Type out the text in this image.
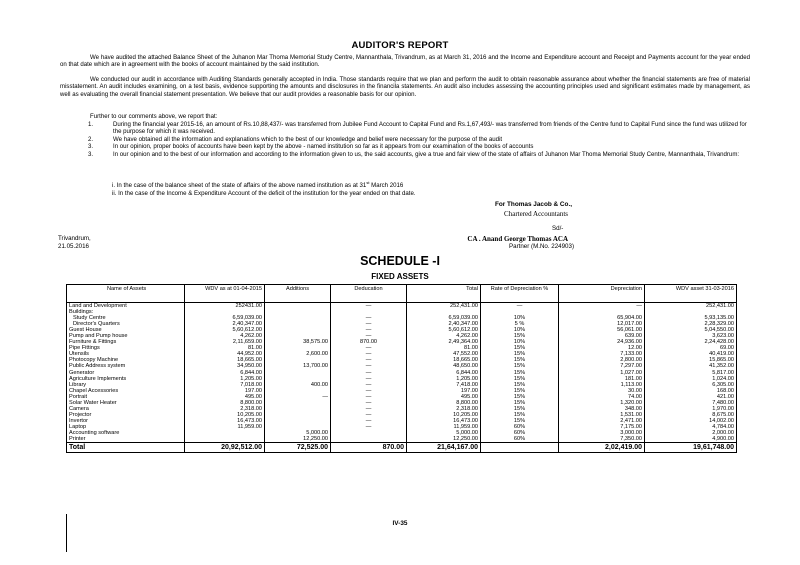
AUDITOR'S REPORT

We have audited the attached Balance Sheet of the Juhanon Mar Thoma Memorial Study Centre, Mannanthala, Trivandrum, as at March 31, 2016 and the Income and Expenditure account and Receipt and Payments account for the year ended on that date which are in agreement with the books of account maintained by the said institution.

We conducted our audit in accordance with Auditing Standards generally accepted in India. Those standards require that we plan and perform the audit to obtain reasonable assurance about whether the financial statements are free of material misstatement. An audit includes examining, on a test basis, evidence supporting the amounts and disclosures in the financila statements. An audit also includes assessing the accounting principles used and significant estimates made by management, as well as evaluating the overall financial statement presentation. We believe that our audit provides a reasonable basis for our opinion.

Further to our comments above, we report that:

1.	During the financial year 2015-16, an amount of Rs.10,88,437/- was transferred from Jubilee Fund Account to Capital Fund and Rs.1,67,493/- was transferred from friends of the Centre fund to Capital Fund since the fund was utilized for the purpose for which it was received.
2.	We have obtained all the information and explanations which to the best of our knowledge and belief were necessary for the purpose of the audit
3.	In our opinion, proper books of accounts have been kept by the above - named institution so far as it appears from our examination of the books of accounts
3.	In our opinion and to the best of our information and according to the information given to us, the said accounts, give a true and fair view of the state of affairs of Juhanon Mar Thoma Memorial Study Centre, Mannanthala, Trivandrum:
i. In the case of the balance sheet of the state of affairs of the above named institution as at 31st March 2016
ii. In the case of the Income & Expenditure Account of the deficit of the institution for the year ended on that date.
For Thomas Jacob & Co.,
Chartered Accountants
Sd/-
Trivandrum,	CA . Anand George Thomas ACA
21.05.2016	Partner (M.No. 224903)
SCHEDULE -I
FIXED ASSETS
Name of Assets	WDV as at 01-04-2015	Additions	Deducation	Total	Rate of Depreciation %	Depreciation	WDV asset 31-03-2016
Land and Development	252431.00		—	252,431.00	—	—	252,431.00
Buildings:							
Study Centre	6,59,039.00		—	6,59,039.00	10%	65,904.00	5,93,135.00
Director's Quarters	2,40,347.00		—	2,40,347.00	5 %	12,017.00	2,28,329.00
Guest House	5,60,612.00		—	5,60,612.00	10%	56,061.00	5,04,550.00
Pump and Pump house	4,262.00		—	4,262.00	15%	639.00	3,623.00
Furniture & Fittings	2,11,659.00	38,575.00	870.00	2,49,364.00	10%	24,936.00	2,24,428.00
Pipe Fittings	81.00		—	81.00	15%	12.00	69.00
Utensils	44,952.00	2,600.00	—	47,552.00	15%	7,133.00	40,419.00
Photocopy Machine	18,665.00		—	18,665.00	15%	2,800.00	15,865.00
Public Address system	34,950.00	13,700.00	—	48,650.00	15%	7,297.00	41,352.00
Generator	6,844.00		—	6,844.00	15%	1,027.00	5,817.00
Agriculture Implements	1,205.00		—	1,205.00	15%	181.00	1,024.00
Library	7,018.00	400.00	—	7,418.00	15%	1,113.00	6,305.00
Chapel Accessories	197.00		—	197.00	15%	30.00	168.00
Portrait	495.00	—	—	495.00	15%	74.00	421.00
Solar Water Heater	8,800.00		—	8,800.00	15%	1,320.00	7,480.00
Camera	2,318.00		—	2,318.00	15%	348.00	1,970.00
Projector	10,205.00		—	10,205.00	15%	1,531.00	8,675.00
Invertor	16,473.00		—	16,473.00	15%	2,471.00	14,002.00
Laptop	11,959.00		—	11,959.00	60%	7,175.00	4,784.00
Accounting software		5,000.00		5,000.00	60%	3,000.00	2,000.00
Printer		12,250.00		12,250.00	60%	7,350.00	4,900.00
Total	20,92,512.00	72,525.00	870.00	21,64,167.00		2,02,419.00	19,61,748.00
IV-35
